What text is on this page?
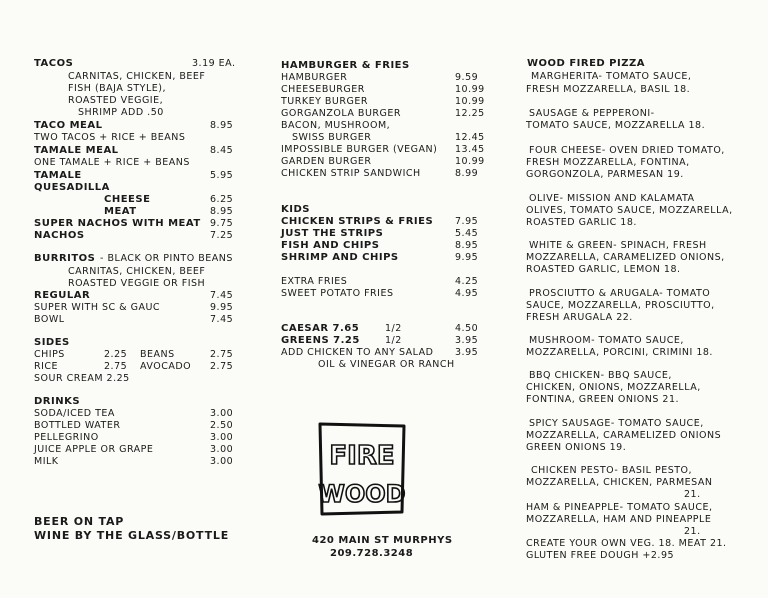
TACOS	3.19 EA.
CARNITAS, CHICKEN, BEEF
FISH (BAJA STYLE),
ROASTED VEGGIE,
SHRIMP ADD .50
TACO MEAL	8.95
TWO TACOS + RICE + BEANS
TAMALE MEAL	8.45
ONE TAMALE + RICE + BEANS
TAMALE	5.95
QUESADILLA
CHEESE	6.25
MEAT	8.95
SUPER NACHOS WITH MEAT 9.75
NACHOS	7.25
BURRITOS - BLACK OR PINTO BEANS
CARNITAS, CHICKEN, BEEF
ROASTED VEGGIE OR FISH
REGULAR	7.45
SUPER WITH SC & GAUC	9.95
BOWL	7.45
SIDES
CHIPS	2.25 BEANS	2.75
RICE	2.75 AVOCADO 2.75
SOUR CREAM 2.25
DRINKS
SODA/ICED TEA	3.00
BOTTLED WATER	2.50
PELLEGRINO	3.00
JUICE APPLE OR GRAPE	3.00
MILK	3.00
BEER ON TAP
WINE BY THE GLASS/BOTTLE
HAMBURGER & FRIES
HAMBURGER	9.59
CHEESEBURGER	10.99
TURKEY BURGER	10.99
GORGANZOLA BURGER	12.25
BACON, MUSHROOM,
SWISS BURGER	12.45
IMPOSSIBLE BURGER (VEGAN) 13.45
GARDEN BURGER	10.99
CHICKEN STRIP SANDWICH	8.99
KIDS
CHICKEN STRIPS & FRIES 7.95
JUST THE STRIPS	5.45
FISH AND CHIPS	8.95
SHRIMP AND CHIPS	9.95
EXTRA FRIES	4.25
SWEET POTATO FRIES	4.95
CAESAR 7.65	1/2	4.50
GREENS 7.25	1/2	3.95
ADD CHICKEN TO ANY SALAD 3.95
OIL & VINEGAR OR RANCH
FIRE
WOOD
420 MAIN ST MURPHYS
209.728.3248
WOOD FIRED PIZZA
MARGHERITA- TOMATO SAUCE,
FRESH MOZZARELLA, BASIL 18.
SAUSAGE & PEPPERONI-
TOMATO SAUCE, MOZZARELLA 18.
FOUR CHEESE- OVEN DRIED TOMATO,
FRESH MOZZARELLA, FONTINA,
GORGONZOLA, PARMESAN 19.
OLIVE- MISSION AND KALAMATA
OLIVES, TOMATO SAUCE, MOZZARELLA,
ROASTED GARLIC 18.
WHITE & GREEN- SPINACH, FRESH
MOZZARELLA, CARAMELIZED ONIONS,
ROASTED GARLIC, LEMON 18.
PROSCIUTTO & ARUGALA- TOMATO
SAUCE, MOZZARELLA, PROSCIUTTO,
FRESH ARUGALA 22.
MUSHROOM- TOMATO SAUCE,
MOZZARELLA, PORCINI, CRIMINI 18.
BBQ CHICKEN- BBQ SAUCE,
CHICKEN, ONIONS, MOZZARELLA,
FONTINA, GREEN ONIONS 21.
SPICY SAUSAGE- TOMATO SAUCE,
MOZZARELLA, CARAMELIZED ONIONS
GREEN ONIONS 19.
CHICKEN PESTO- BASIL PESTO,
MOZZARELLA, CHICKEN, PARMESAN
21.
HAM & PINEAPPLE- TOMATO SAUCE,
MOZZARELLA, HAM AND PINEAPPLE
21.
CREATE YOUR OWN VEG. 18. MEAT 21.
GLUTEN FREE DOUGH +2.95
